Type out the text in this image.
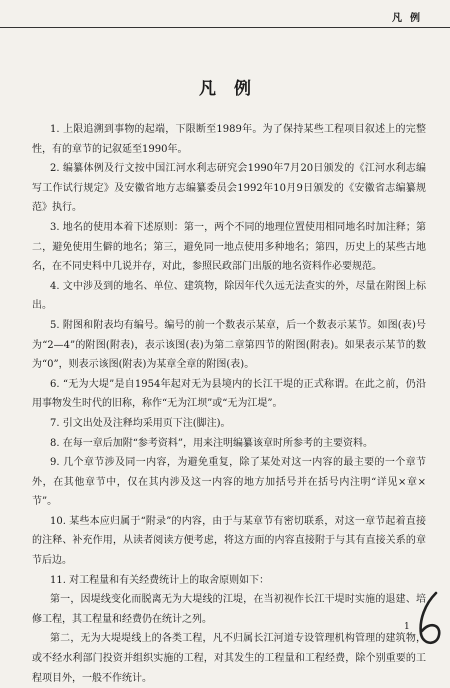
凡例
凡例

1. 上限追溯到事物的起端，下限断至1989年。为了保持某些工程项目叙述上的完整性，有的章节的记叙延至1990年。

2. 编纂体例及行文按中国江河水利志研究会1990年7月20日颁发的《江河水利志编写工作试行规定》及安徽省地方志编纂委员会1992年10月9日颁发的《安徽省志编纂规范》执行。

3. 地名的使用本着下述原则：第一，两个不同的地理位置使用相同地名时加注释；第二，避免使用生僻的地名；第三，避免同一地点使用多种地名；第四，历史上的某些古地名，在不同史料中几说并存，对此，参照民政部门出版的地名资料作必要规范。

4. 文中涉及到的地名、单位、建筑物，除因年代久远无法查实的外，尽量在附图上标出。

5. 附图和附表均有编号。编号的前一个数表示某章，后一个数表示某节。如图(表)号为“2—4”的附图(附表)，表示该图(表)为第二章第四节的附图(附表)。如果表示某节的数为“0”，则表示该图(附表)为某章全章的附图(表)。

6. “无为大堤”是自1954年起对无为县境内的长江干堤的正式称谓。在此之前，仍沿用事物发生时代的旧称，称作“无为江坝”或“无为江堤”。

7. 引文出处及注释均采用页下注(脚注)。

8. 在每一章后加附“参考资料”，用来注明编纂该章时所参考的主要资料。

9. 几个章节涉及同一内容，为避免重复，除了某处对这一内容的最主要的一个章节外，在其他章节中，仅在其内涉及这一内容的地方加括号并在括号内注明“详见×章×节”。

10. 某些本应归属于“附录”的内容，由于与某章节有密切联系，对这一章节起着直接的注释、补充作用，从读者阅读方便考虑，将这方面的内容直接附于与其有直接关系的章节后边。

11. 对工程量和有关经费统计上的取舍原则如下：

第一，因堤线变化而脱离无为大堤线的江堤，在当初视作长江干堤时实施的退建、培修工程，其工程量和经费仍在统计之列。

第二，无为大堤堤线上的各类工程，凡不归属长江河道专设管理机构管理的建筑物，或不经水利部门投资并组织实施的工程，对其发生的工程量和工程经费，除个别重要的工程项目外，一般不作统计。

1
